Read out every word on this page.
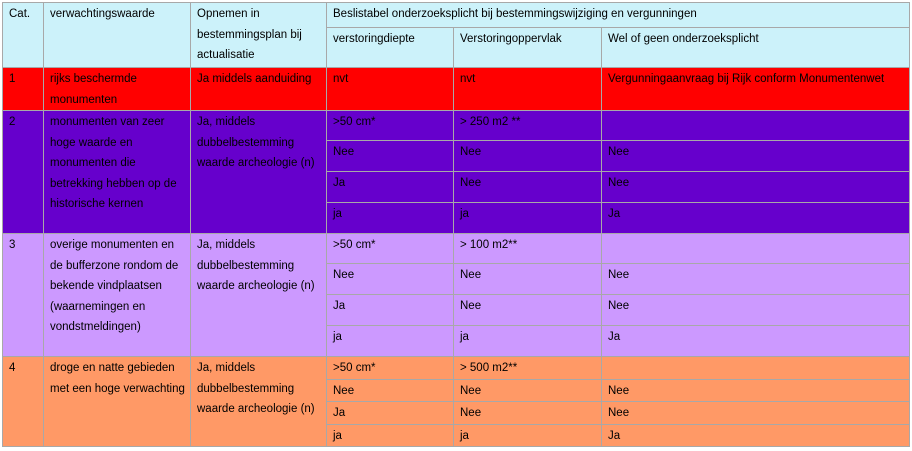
Cat.	verwachtingswaarde	Opnemen in bestemmingsplan bij actualisatie	Beslistabel onderzoeksplicht bij bestemmingswijziging en vergunningen		
			verstoringdiepte	Verstoringoppervlak	Wel of geen onderzoeksplicht
1	rijks beschermde monumenten	Ja middels aanduiding	nvt	nvt	Vergunningaanvraag bij Rijk conform Monumentenwet
2	monumenten van zeer hoge waarde en monumenten die betrekking hebben op de historische kernen	Ja, middels dubbelbestemming waarde archeologie (n)	>50 cm*	> 250 m2 **	
			Nee	Nee	Nee
			Ja	Nee	Nee
			ja	ja	Ja
3	overige monumenten en de bufferzone rondom de bekende vindplaatsen (waarnemingen en vondstmeldingen)	Ja, middels dubbelbestemming waarde archeologie (n)	>50 cm*	> 100 m2**	
			Nee	Nee	Nee
			Ja	Nee	Nee
			ja	ja	Ja
4	droge en natte gebieden met een hoge verwachting	Ja, middels dubbelbestemming waarde archeologie (n)	>50 cm*	> 500 m2**	
			Nee	Nee	Nee
			Ja	Nee	Nee
			ja	ja	Ja
